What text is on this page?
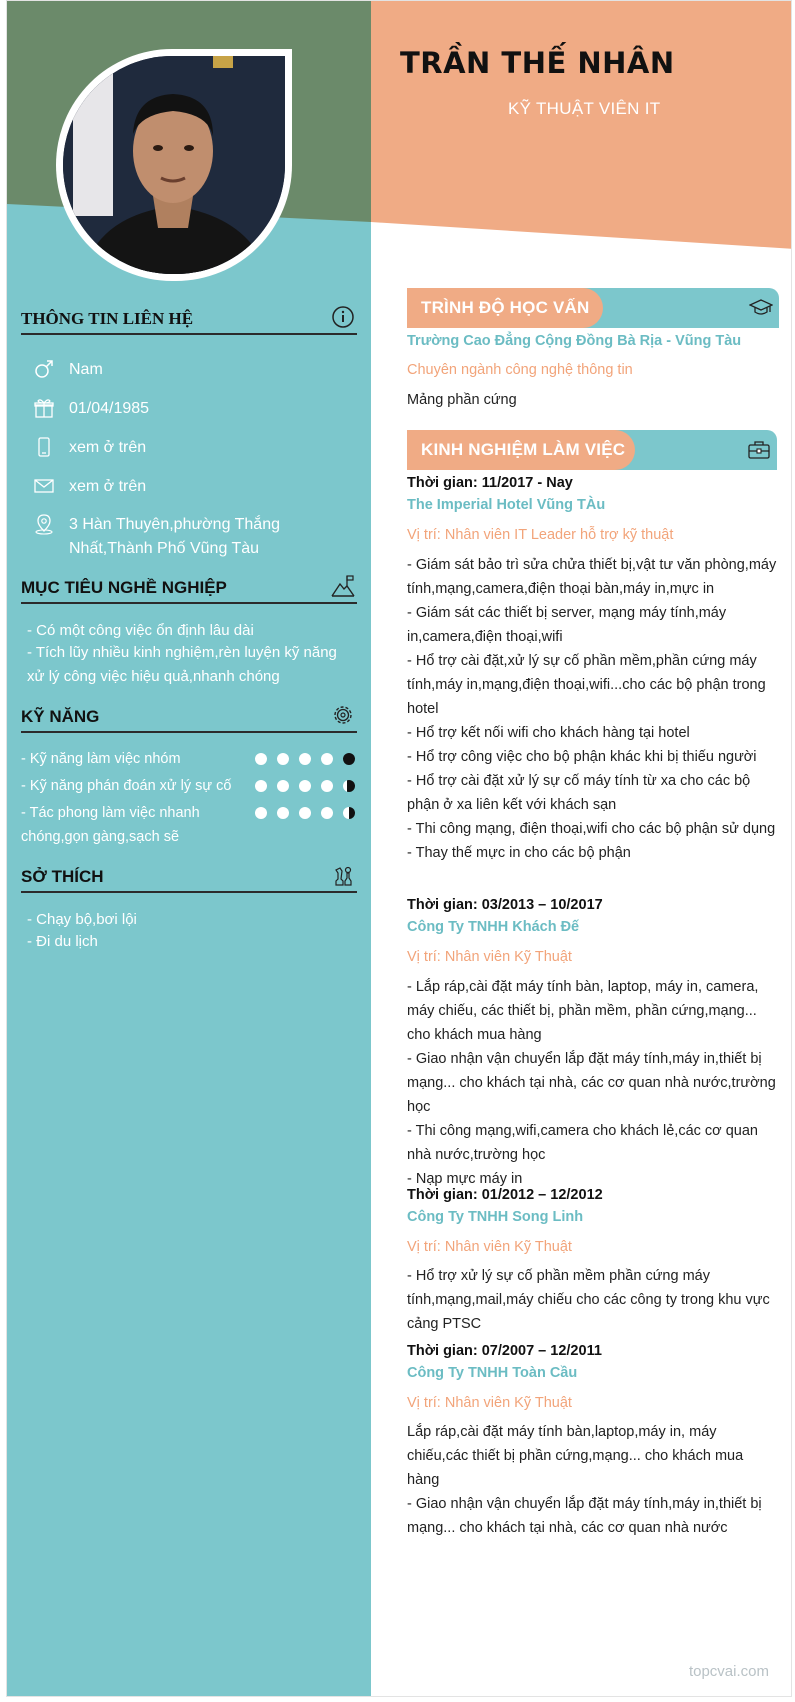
TRẦN THẾ NHÂN
KỸ THUẬT VIÊN IT
THÔNG TIN LIÊN HỆ
Nam
01/04/1985
xem ở trên
xem ở trên
3 Hàn Thuyên,phường Thắng Nhất,Thành Phố Vũng Tàu
MỤC TIÊU NGHỀ NGHIỆP
- Có một công việc ổn định lâu dài
- Tích lũy nhiều kinh nghiệm,rèn luyện kỹ năng xử lý công việc hiệu quả,nhanh chóng
KỸ NĂNG
- Kỹ năng làm việc nhóm
- Kỹ năng phán đoán xử lý sự cố
- Tác phong làm việc nhanh chóng,gọn gàng,sạch sẽ
SỞ THÍCH
- Chạy bộ,bơi lội
- Đi du lịch
TRÌNH ĐỘ HỌC VẤN
Trường Cao Đẳng Cộng Đồng Bà Rịa - Vũng Tàu
Chuyên ngành công nghệ thông tin
Mảng phần cứng
KINH NGHIỆM LÀM VIỆC
Thời gian: 11/2017 - Nay
The Imperial Hotel Vũng TÀu
Vị trí: Nhân viên IT Leader hỗ trợ kỹ thuật

- Giám sát bảo trì sửa chửa thiết bị,vật tư văn phòng,máy tính,mạng,camera,điện thoại bàn,máy in,mực in

- Giám sát các thiết bị server, mạng máy tính,máy in,camera,điện thoại,wifi

- Hổ trợ cài đặt,xử lý sự cố phần mềm,phần cứng máy tính,máy in,mạng,điện thoại,wifi...cho các bộ phận trong hotel

- Hổ trợ kết nối wifi cho khách hàng tại hotel

- Hổ trợ công việc cho bộ phận khác khi bị thiếu người

- Hổ trợ cài đặt xử lý sự cố máy tính từ xa cho các bộ phận ở xa liên kết với khách sạn

- Thi công mạng, điện thoại,wifi cho các bộ phận sử dụng

- Thay thế mực in cho các bộ phận

Thời gian: 03/2013 – 10/2017
Công Ty TNHH Khách Đế
Vị trí: Nhân viên Kỹ Thuật

- Lắp ráp,cài đặt máy tính bàn, laptop, máy in, camera, máy chiếu, các thiết bị, phần mềm, phần cứng,mạng... cho khách mua hàng

- Giao nhận vận chuyển lắp đặt máy tính,máy in,thiết bị mạng... cho khách tại nhà, các cơ quan nhà nước,trường học

- Thi công mạng,wifi,camera cho khách lẻ,các cơ quan nhà nước,trường học

- Nạp mực máy in

Thời gian: 01/2012 – 12/2012
Công Ty TNHH Song Linh
Vị trí: Nhân viên Kỹ Thuật

- Hổ trợ xử lý sự cố phần mềm phần cứng máy tính,mạng,mail,máy chiếu cho các công ty trong khu vực cảng PTSC

Thời gian: 07/2007 – 12/2011
Công Ty TNHH Toàn Cầu
Vị trí: Nhân viên Kỹ Thuật

Lắp ráp,cài đặt máy tính bàn,laptop,máy in, máy chiếu,các thiết bị phần cứng,mạng... cho khách mua hàng

- Giao nhận vận chuyển lắp đặt máy tính,máy in,thiết bị mạng... cho khách tại nhà, các cơ quan nhà nước

topcvai.com
